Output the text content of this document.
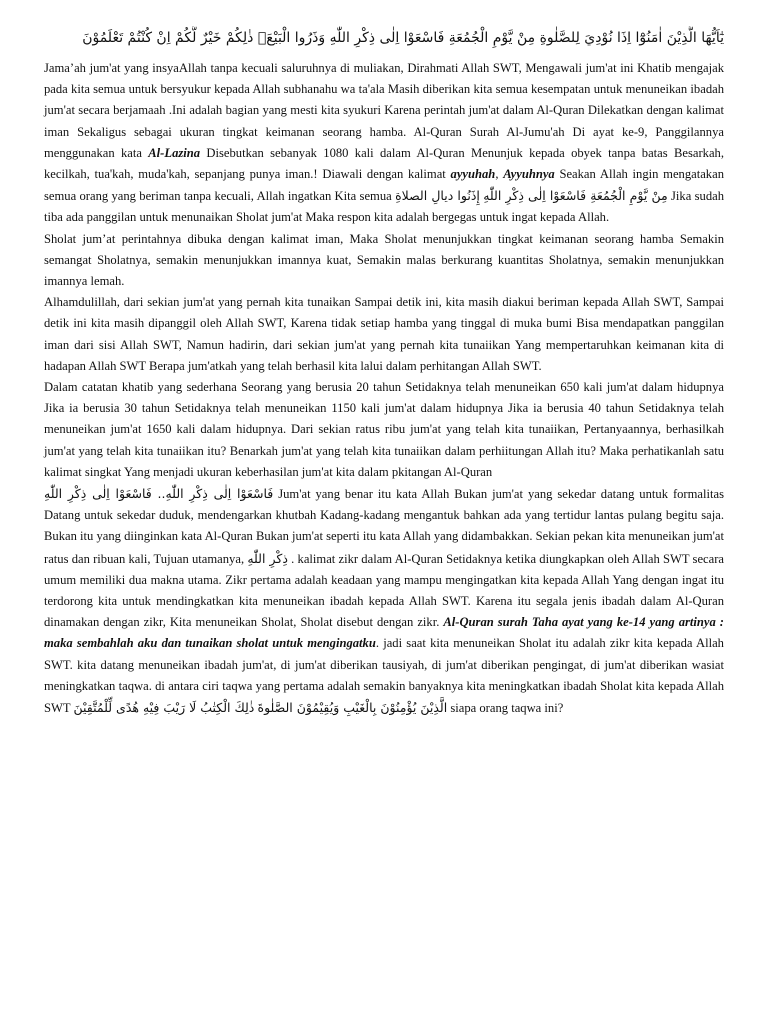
يٰٓاَيُّهَا الَّذِيْنَ اٰمَنُوْٓا اِذَا نُوْدِيَ لِلصَّلٰوةِ مِنْ يَّوْمِ الْجُمُعَةِ فَاسْعَوْا اِلٰى ذِكْرِ اللّٰهِ وَذَرُوا الْبَيْعَۗ ذٰلِكُمْ خَيْرٌ لَّكُمْ اِنْ كُنْتُمْ تَعْلَمُوْنَ

Jama’ah jum'at yang insyaAllah tanpa kecuali saluruhnya di muliakan, Dirahmati Allah SWT, Mengawali jum'at ini Khatib mengajak pada kita semua untuk bersyukur kepada Allah subhanahu wa ta'ala Masih diberikan kita semua kesempatan untuk menuneikan ibadah jum'at secara berjamaah .Ini adalah bagian yang mesti kita syukuri Karena perintah jum'at dalam Al-Quran Dilekatkan dengan kalimat iman Sekaligus sebagai ukuran tingkat keimanan seorang hamba. Al-Quran Surah Al-Jumu'ah Di ayat ke-9, Panggilannya menggunakan kata Al-Lazina Disebutkan sebanyak 1080 kali dalam Al-Quran Menunjuk kepada obyek tanpa batas Besarkah, kecilkah, tua'kah, muda'kah, sepanjang punya iman.! Diawali dengan kalimat ayyuhah, Ayyuhnya Seakan Allah ingin mengatakan semua orang yang beriman tanpa kecuali, Allah ingatkan Kita semua إِذَنُوا ديالِ الصلاةِ مِنْ يَّوْمِ الْجُمُعَةِ فَاسْعَوْا اِلٰى ذِكْرِ اللّٰهِ Jika sudah tiba ada panggilan untuk menunaikan Sholat jum'at Maka respon kita adalah bergegas untuk ingat kepada Allah.

Sholat jum’at perintahnya dibuka dengan kalimat iman, Maka Sholat menunjukkan tingkat keimanan seorang hamba Semakin semangat Sholatnya, semakin menunjukkan imannya kuat, Semakin malas berkurang kuantitas Sholatnya, semakin menunjukkan imannya lemah.

Alhamdulillah, dari sekian jum'at yang pernah kita tunaikan Sampai detik ini, kita masih diakui beriman kepada Allah SWT, Sampai detik ini kita masih dipanggil oleh Allah SWT, Karena tidak setiap hamba yang tinggal di muka bumi Bisa mendapatkan panggilan iman dari sisi Allah SWT, Namun hadirin, dari sekian jum'at yang pernah kita tunaiikan Yang mempertaruhkan keimanan kita di hadapan Allah SWT Berapa jum'atkah yang telah berhasil kita lalui dalam perhitangan Allah SWT.

Dalam catatan khatib yang sederhana Seorang yang berusia 20 tahun Setidaknya telah menuneikan 650 kali jum'at dalam hidupnya Jika ia berusia 30 tahun Setidaknya telah menuneikan 1150 kali jum'at dalam hidupnya Jika ia berusia 40 tahun Setidaknya telah menuneikan jum'at 1650 kali dalam hidupnya. Dari sekian ratus ribu jum'at yang telah kita tunaiikan, Pertanyaannya, berhasilkah jum'at yang telah kita tunaiikan itu? Benarkah jum'at yang telah kita tunaiikan dalam perhiitungan Allah itu? Maka perhatikanlah satu kalimat singkat Yang menjadi ukuran keberhasilan jum'at kita dalam pkitangan Al-Quran

فَاسْعَوْا اِلٰى ذِكْرِ اللّٰهِ.. فَاسْعَوْا اِلٰى ذِكْرِ اللّٰهِ Jum'at yang benar itu kata Allah Bukan jum'at yang sekedar datang untuk formalitas Datang untuk sekedar duduk, mendengarkan khutbah Kadang-kadang mengantuk bahkan ada yang tertidur lantas pulang begitu saja. Bukan itu yang diinginkan kata Al-Quran Bukan jum'at seperti itu kata Allah yang didambakkan. Sekian pekan kita menuneikan jum'at ratus dan ribuan kali, Tujuan utamanya, ذِكْرِ اللّٰهِ . kalimat zikr dalam Al-Quran Setidaknya ketika diungkapkan oleh Allah SWT secara umum memiliki dua makna utama. Zikr pertama adalah keadaan yang mampu mengingatkan kita kepada Allah Yang dengan ingat itu terdorong kita untuk mendingkatkan kita menuneikan ibadah kepada Allah SWT. Karena itu segala jenis ibadah dalam Al-Quran dinamakan dengan zikr, Kita menuneikan Sholat, Sholat disebut dengan zikr. Al-Quran surah Taha ayat yang ke-14 yang artinya : maka sembahlah aku dan tunaikan sholat untuk mengingatku. jadi saat kita menuneikan Sholat itu adalah zikr kita kepada Allah SWT. kita datang menuneikan ibadah jum'at, di jum'at diberikan tausiyah, di jum'at diberikan pengingat, di jum'at diberikan wasiat meningkatkan taqwa. di antara ciri taqwa yang pertama adalah semakin banyaknya kita meningkatkan ibadah Sholat kita kepada Allah SWT ذٰلِكَ الْكِتٰبُ لَا رَيْبَ فِيْهِ هُدًى لِّلْمُتَّقِيْنَ الَّذِيْنَ يُؤْمِنُوْنَ بِالْغَيْبِ وَيُقِيْمُوْنَ الصَّلٰوةَ siapa orang taqwa ini?
